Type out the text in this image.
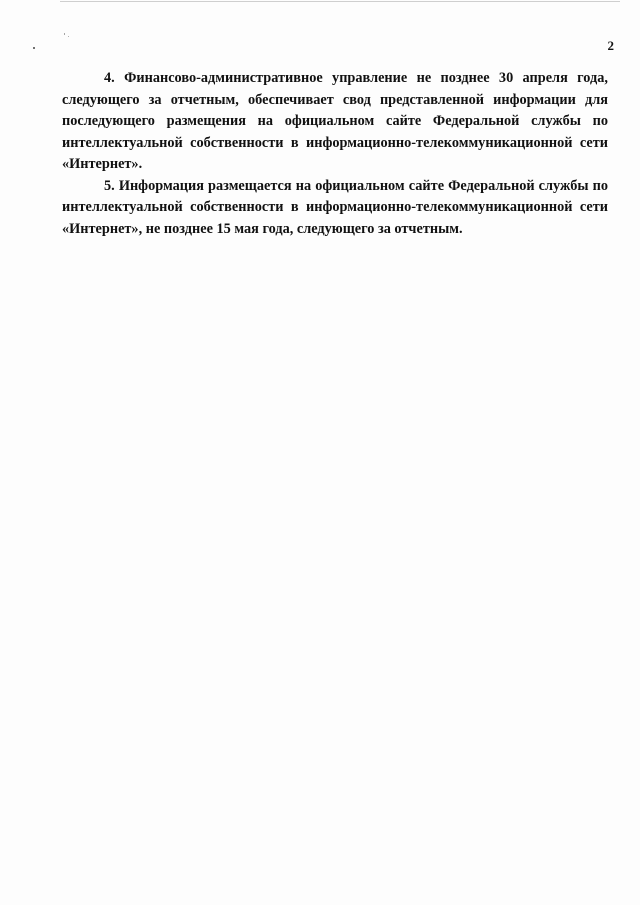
2

4. Финансово-административное управление не позднее 30 апреля года,
следующего за отчетным, обеспечивает свод представленной информации для
последующего размещения на официальном сайте Федеральной службы по
интеллектуальной собственности в информационно-телекоммуникационной сети
«Интернет».

5. Информация размещается на официальном сайте Федеральной службы по
интеллектуальной собственности в информационно-телекоммуникационной сети
«Интернет», не позднее 15 мая года, следующего за отчетным.
